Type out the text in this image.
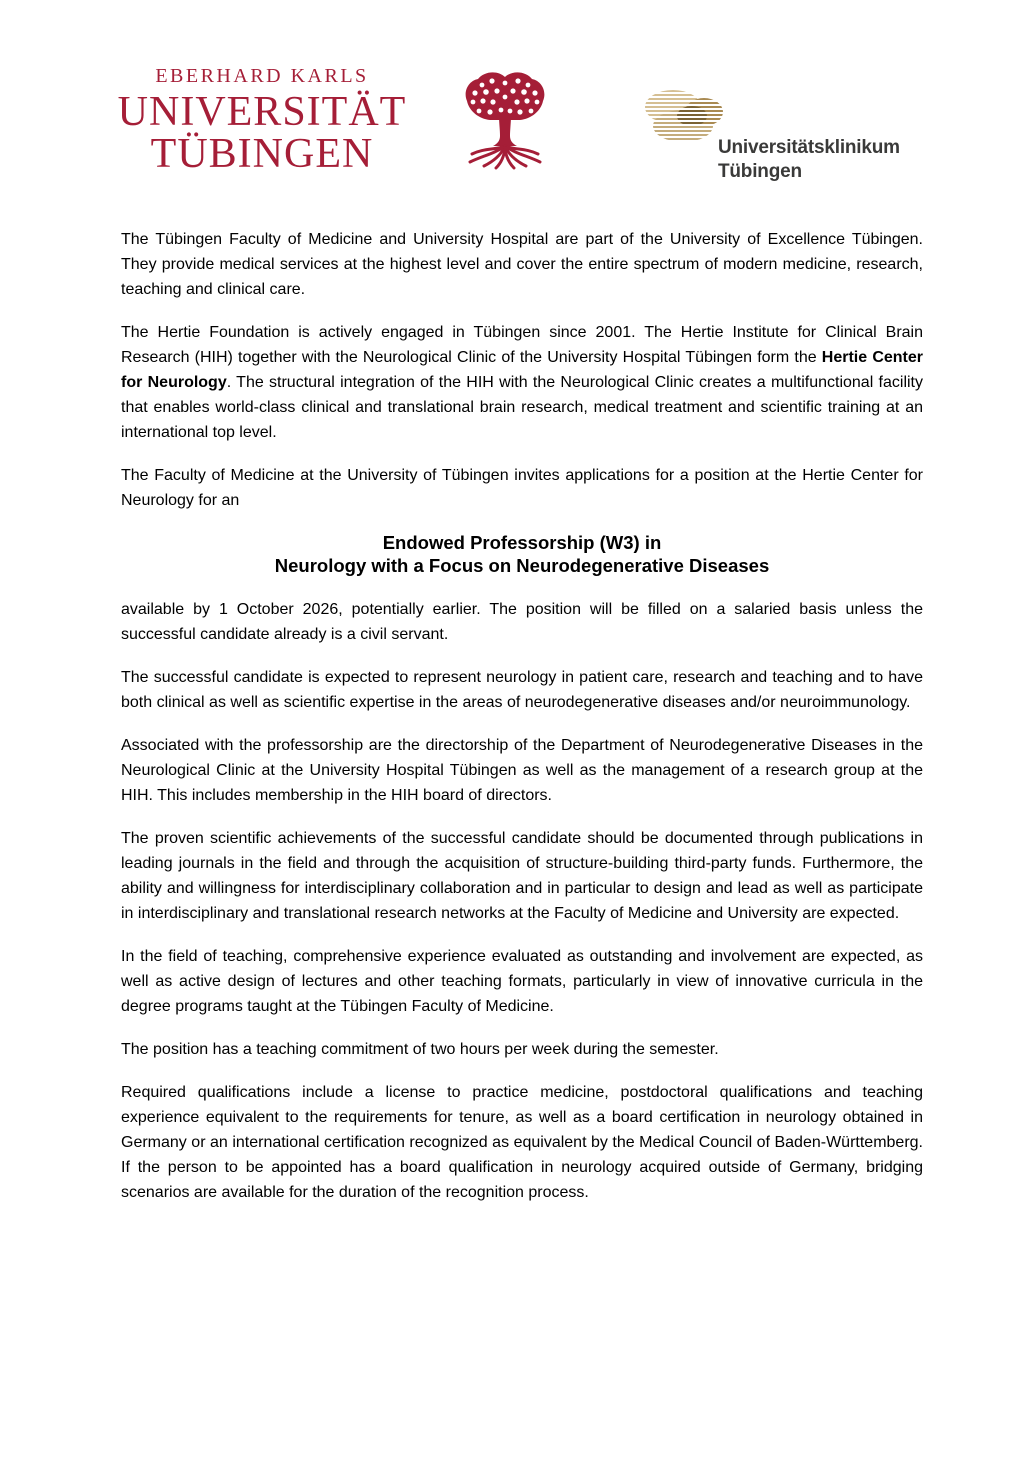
EBERHARD KARLS
UNIVERSITÄT
TÜBINGEN	Universitätsklinikum
Tübingen

The Tübingen Faculty of Medicine and University Hospital are part of the University of Excellence Tübingen. They provide medical services at the highest level and cover the entire spectrum of modern medicine, research, teaching and clinical care.

The Hertie Foundation is actively engaged in Tübingen since 2001. The Hertie Institute for Clinical Brain Research (HIH) together with the Neurological Clinic of the University Hospital Tübingen form the Hertie Center for Neurology. The structural integration of the HIH with the Neurological Clinic creates a multifunctional facility that enables world-class clinical and translational brain research, medical treatment and scientific training at an international top level.

The Faculty of Medicine at the University of Tübingen invites applications for a position at the Hertie Center for Neurology for an

Endowed Professorship (W3) in
Neurology with a Focus on Neurodegenerative Diseases

available by 1 October 2026, potentially earlier. The position will be filled on a salaried basis unless the successful candidate already is a civil servant.

The successful candidate is expected to represent neurology in patient care, research and teaching and to have both clinical as well as scientific expertise in the areas of neurodegenerative diseases and/or neuroimmunology.

Associated with the professorship are the directorship of the Department of Neurodegenerative Diseases in the Neurological Clinic at the University Hospital Tübingen as well as the management of a research group at the HIH. This includes membership in the HIH board of directors.

The proven scientific achievements of the successful candidate should be documented through publications in leading journals in the field and through the acquisition of structure-building third-party funds. Furthermore, the ability and willingness for interdisciplinary collaboration and in particular to design and lead as well as participate in interdisciplinary and translational research networks at the Faculty of Medicine and University are expected.

In the field of teaching, comprehensive experience evaluated as outstanding and involvement are expected, as well as active design of lectures and other teaching formats, particularly in view of innovative curricula in the degree programs taught at the Tübingen Faculty of Medicine.

The position has a teaching commitment of two hours per week during the semester.

Required qualifications include a license to practice medicine, postdoctoral qualifications and teaching experience equivalent to the requirements for tenure, as well as a board certification in neurology obtained in Germany or an international certification recognized as equivalent by the Medical Council of Baden-Württemberg. If the person to be appointed has a board qualification in neurology acquired outside of Germany, bridging scenarios are available for the duration of the recognition process.
